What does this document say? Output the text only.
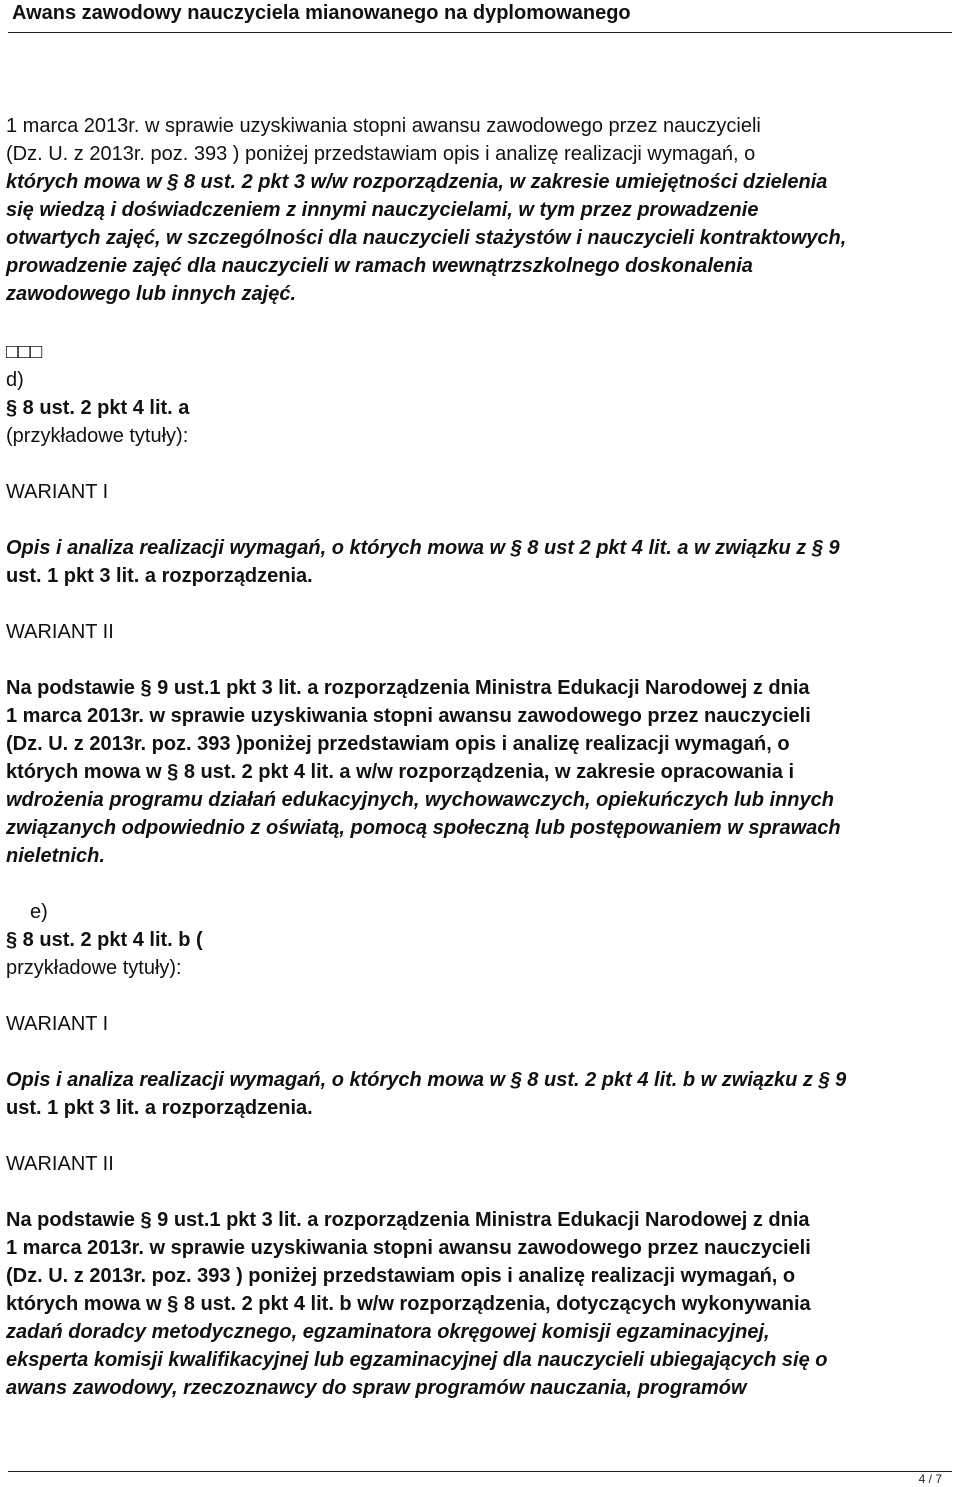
Awans zawodowy nauczyciela mianowanego na dyplomowanego
1 marca 2013r. w sprawie uzyskiwania stopni awansu zawodowego przez nauczycieli
(Dz. U. z 2013r. poz. 393 ) poniżej przedstawiam opis i analizę realizacji wymagań, o
których mowa w § 8 ust. 2 pkt 3 w/w rozporządzenia, w zakresie umiejętności dzielenia
się wiedzą i doświadczeniem z innymi nauczycielami, w tym przez prowadzenie
otwartych zajęć, w szczególności dla nauczycieli stażystów i nauczycieli kontraktowych,
prowadzenie zajęć dla nauczycieli w ramach wewnątrzszkolnego doskonalenia
zawodowego lub innych zajęć.
□□□
d)
§ 8 ust. 2 pkt 4 lit. a
(przykładowe tytuły):
WARIANT I
Opis i analiza realizacji wymagań, o których mowa w § 8 ust 2 pkt 4 lit. a w związku z § 9
ust. 1 pkt 3 lit. a rozporządzenia.
WARIANT II
Na podstawie § 9 ust.1 pkt 3 lit. a rozporządzenia Ministra Edukacji Narodowej z dnia
1 marca 2013r. w sprawie uzyskiwania stopni awansu zawodowego przez nauczycieli
(Dz. U. z 2013r. poz. 393 )poniżej przedstawiam opis i analizę realizacji wymagań, o
których mowa w § 8 ust. 2 pkt 4 lit. a w/w rozporządzenia, w zakresie opracowania i
wdrożenia programu działań edukacyjnych, wychowawczych, opiekuńczych lub innych
związanych odpowiednio z oświatą, pomocą społeczną lub postępowaniem w sprawach
nieletnich.
e)
§ 8 ust. 2 pkt 4 lit. b (
przykładowe tytuły):
WARIANT I
Opis i analiza realizacji wymagań, o których mowa w § 8 ust. 2 pkt 4 lit. b w związku z § 9
ust. 1 pkt 3 lit. a rozporządzenia.
WARIANT II
Na podstawie § 9 ust.1 pkt 3 lit. a rozporządzenia Ministra Edukacji Narodowej z dnia
1 marca 2013r. w sprawie uzyskiwania stopni awansu zawodowego przez nauczycieli
(Dz. U. z 2013r. poz. 393 ) poniżej przedstawiam opis i analizę realizacji wymagań, o
których mowa w § 8 ust. 2 pkt 4 lit. b w/w rozporządzenia, dotyczących wykonywania
zadań doradcy metodycznego, egzaminatora okręgowej komisji egzaminacyjnej,
eksperta komisji kwalifikacyjnej lub egzaminacyjnej dla nauczycieli ubiegających się o
awans zawodowy, rzeczoznawcy do spraw programów nauczania, programów
4 / 7
